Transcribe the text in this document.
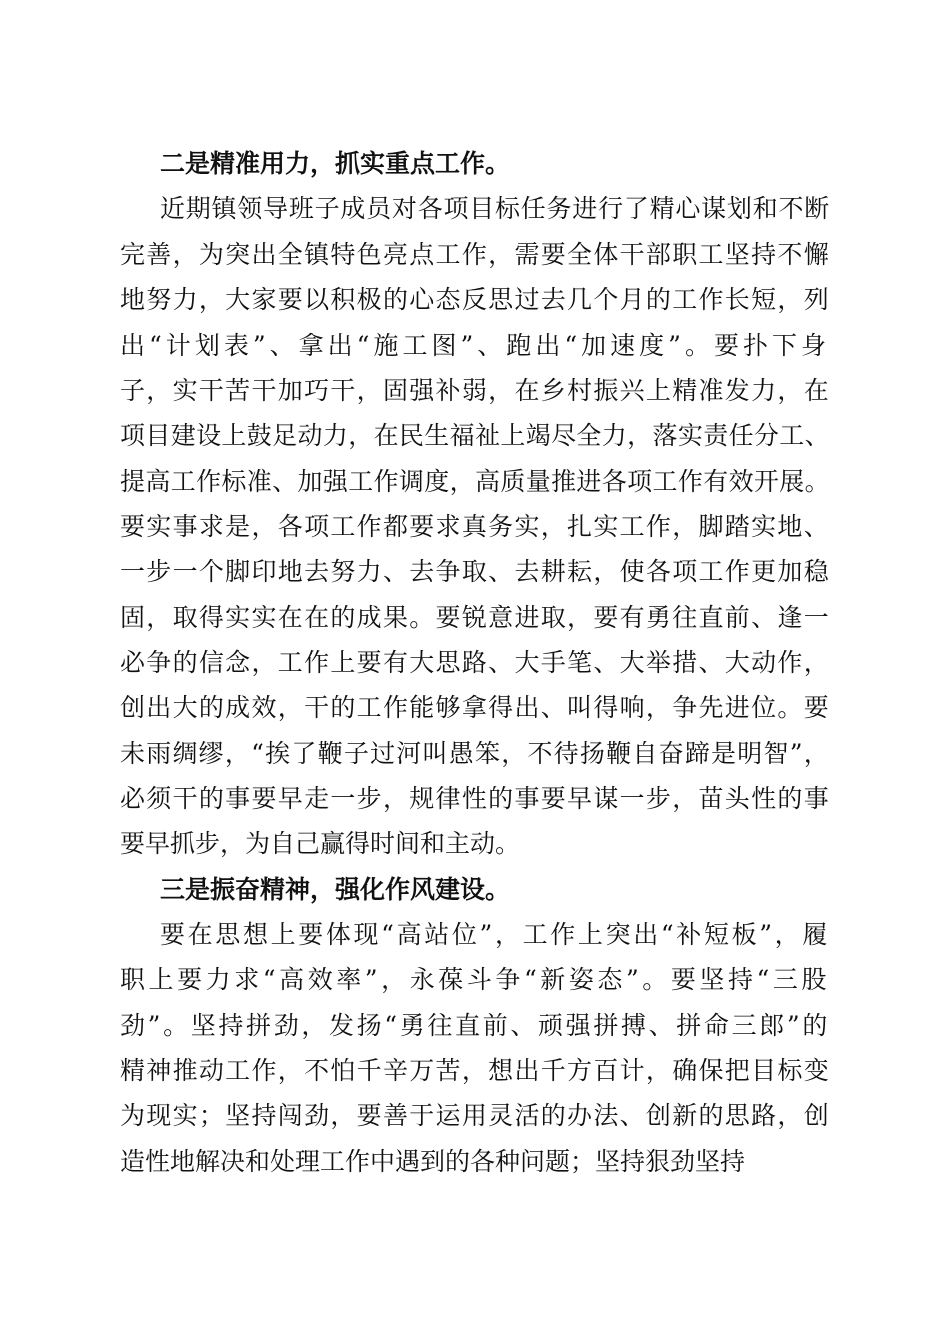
二是精准用力，抓实重点工作。
近期镇领导班子成员对各项目标任务进行了精心谋划和不断
完善，为突出全镇特色亮点工作，需要全体干部职工坚持不懈
地努力，大家要以积极的心态反思过去几个月的工作长短，列
出“计划表”、拿出“施工图”、跑出“加速度”。要扑下身
子，实干苦干加巧干，固强补弱，在乡村振兴上精准发力，在
项目建设上鼓足动力，在民生福祉上竭尽全力，落实责任分工、
提高工作标准、加强工作调度，高质量推进各项工作有效开展。
要实事求是，各项工作都要求真务实，扎实工作，脚踏实地、
一步一个脚印地去努力、去争取、去耕耘，使各项工作更加稳
固，取得实实在在的成果。要锐意进取，要有勇往直前、逢一
必争的信念，工作上要有大思路、大手笔、大举措、大动作，
创出大的成效，干的工作能够拿得出、叫得响，争先进位。要
未雨绸缪，“挨了鞭子过河叫愚笨，不待扬鞭自奋蹄是明智”，
必须干的事要早走一步，规律性的事要早谋一步，苗头性的事
要早抓步，为自己赢得时间和主动。
三是振奋精神，强化作风建设。
要在思想上要体现“高站位”，工作上突出“补短板”，履
职上要力求“高效率”，永葆斗争“新姿态”。要坚持“三股
劲”。坚持拼劲，发扬“勇往直前、顽强拼搏、拼命三郎”的
精神推动工作，不怕千辛万苦，想出千方百计，确保把目标变
为现实；坚持闯劲，要善于运用灵活的办法、创新的思路，创
造性地解决和处理工作中遇到的各种问题；坚持狠劲坚持
